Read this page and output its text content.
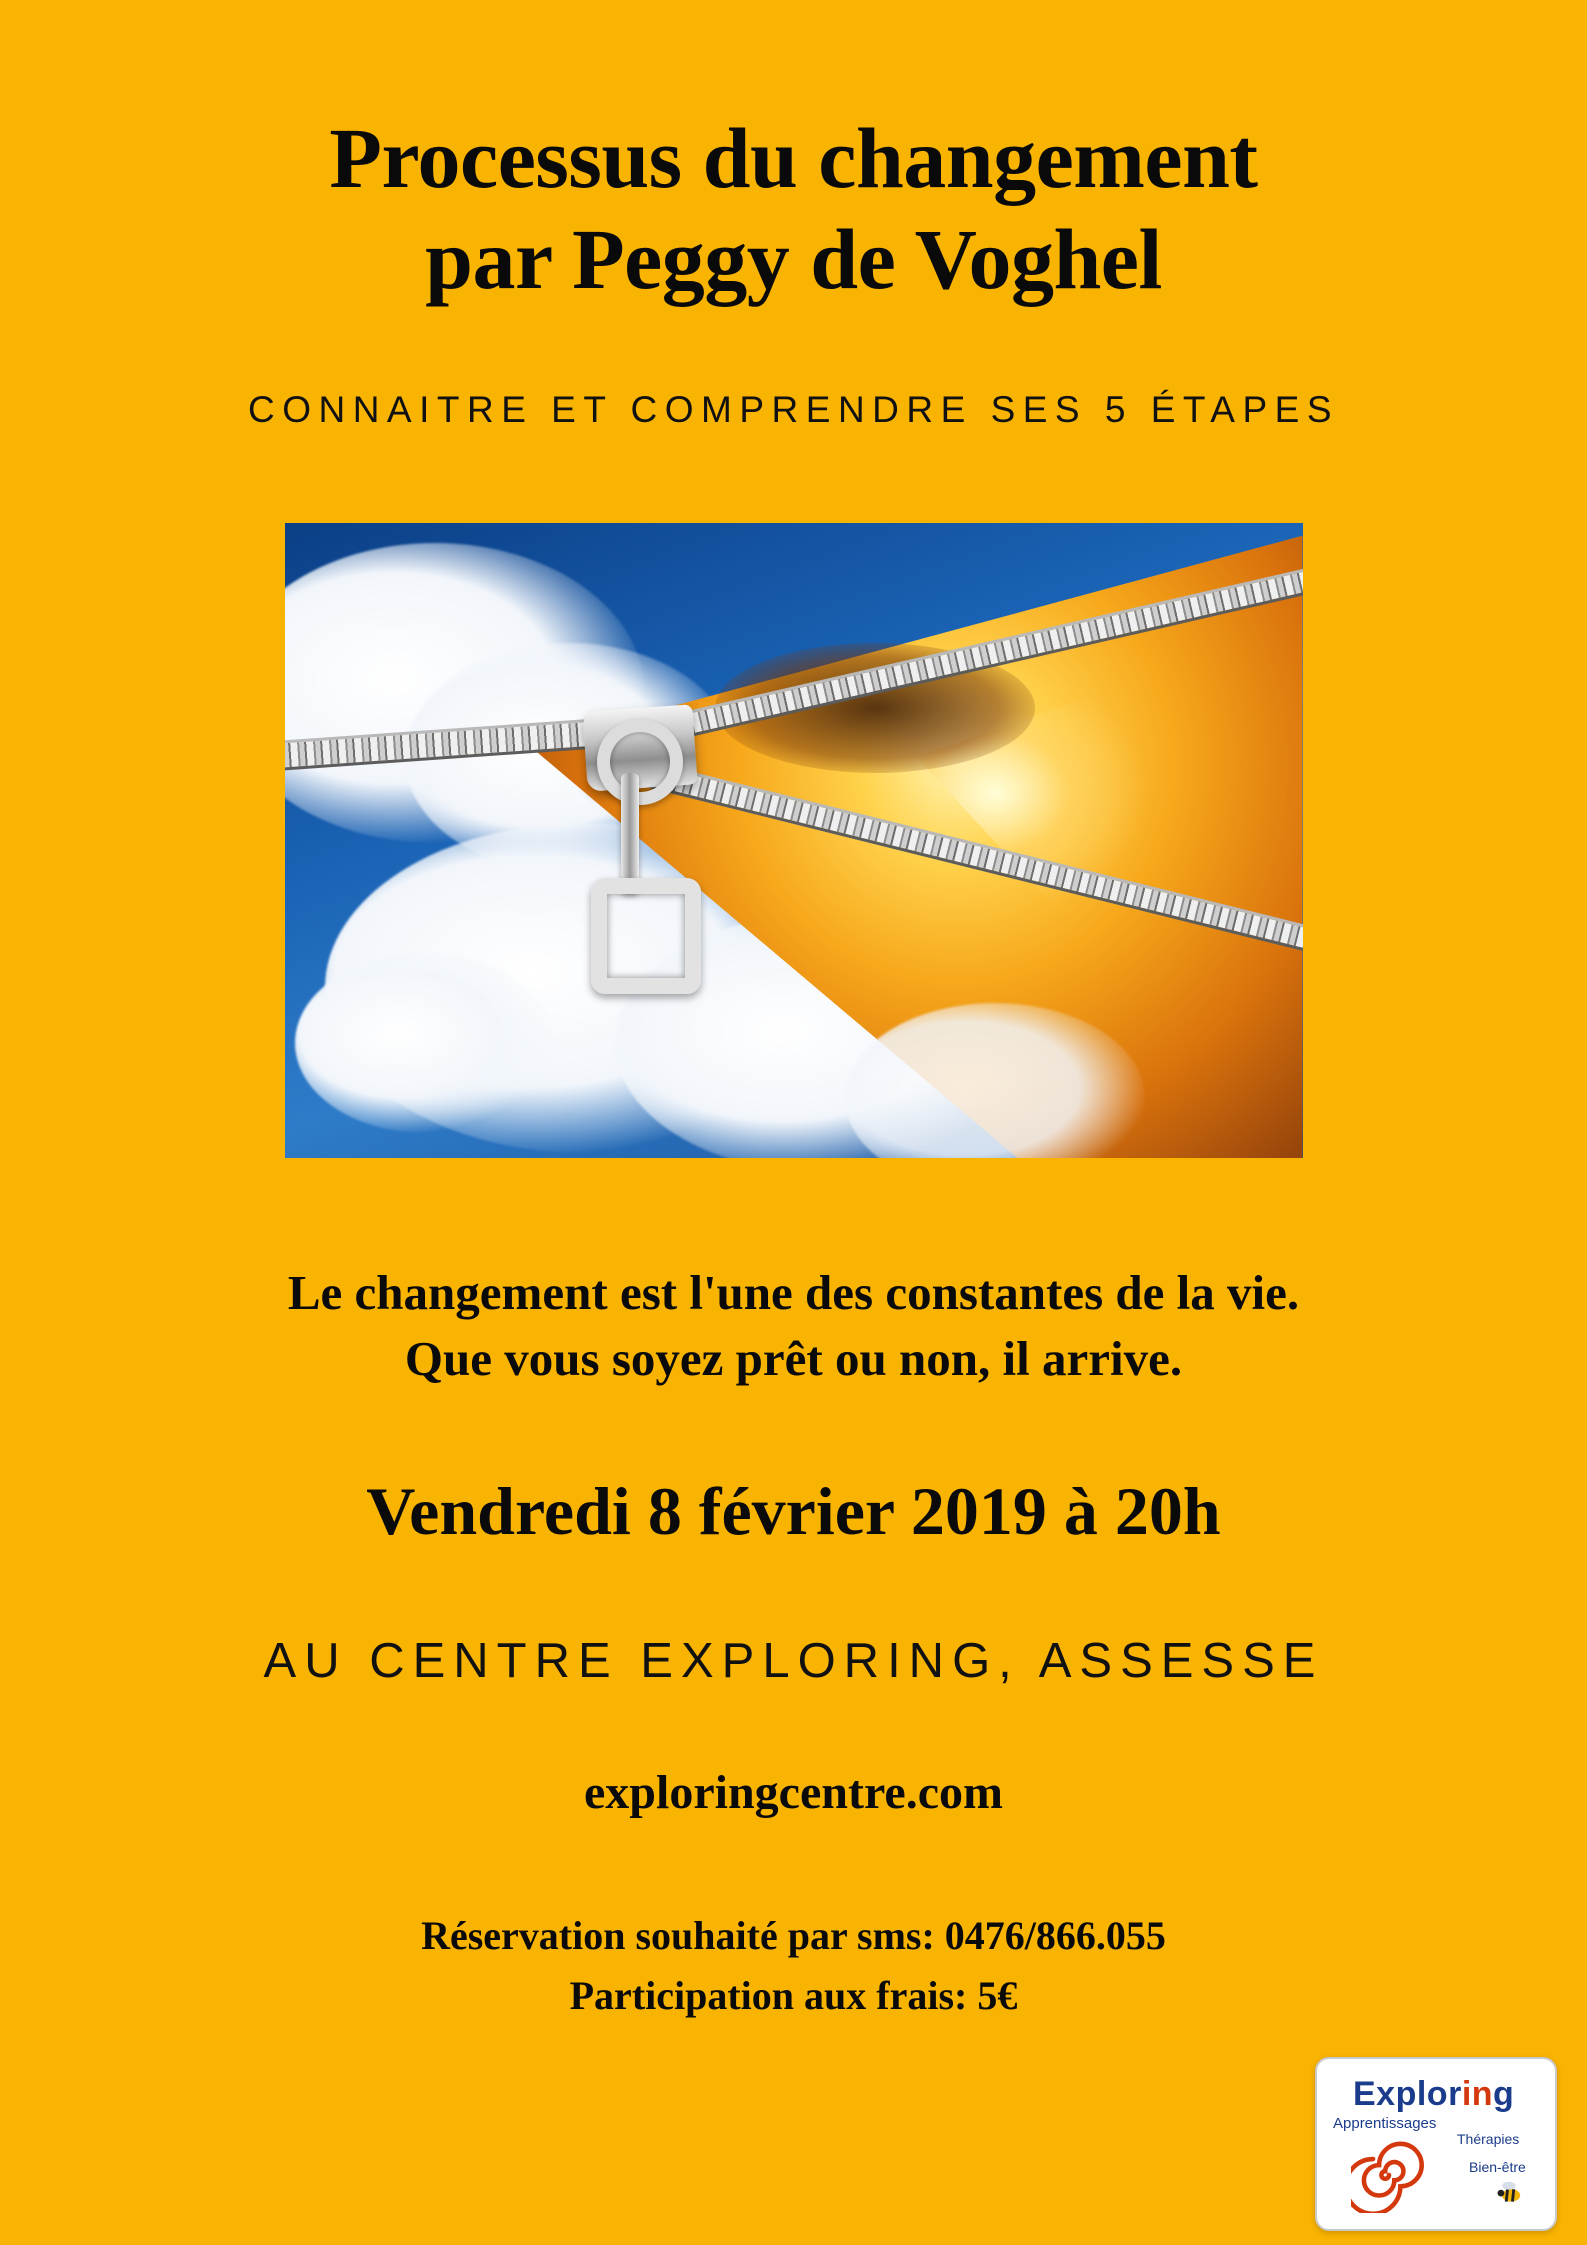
Processus du changement
par Peggy de Voghel
CONNAITRE ET COMPRENDRE SES 5 ÉTAPES
Le changement est l'une des constantes de la vie.
Que vous soyez prêt ou non, il arrive.
Vendredi 8 février 2019 à 20h
AU CENTRE EXPLORING, ASSESSE
exploringcentre.com
Réservation souhaité par sms: 0476/866.055
Participation aux frais: 5€
Exploring
Apprentissages
Thérapies
Bien-être
